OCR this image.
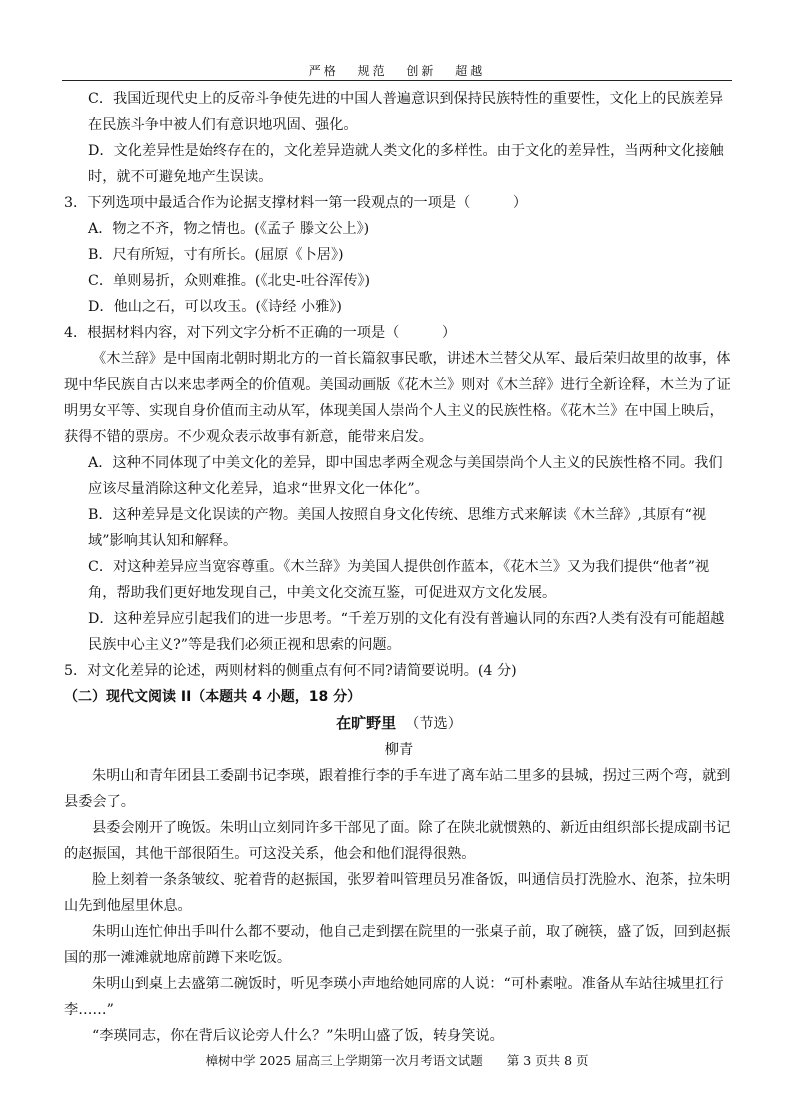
严格 规范 创新 超越

C．我国近现代史上的反帝斗争使先进的中国人普遍意识到保持民族特性的重要性，文化上的民族差异在民族斗争中被人们有意识地巩固、强化。

D．文化差异性是始终存在的，文化差异造就人类文化的多样性。由于文化的差异性，当两种文化接触时，就不可避免地产生误读。

3．下列选项中最适合作为论据支撑材料一第一段观点的一项是（　　　）

A．物之不齐，物之情也。(《孟子 滕文公上》)

B．尺有所短，寸有所长。(屈原《卜居》)

C．单则易折，众则难推。(《北史-吐谷浑传》)

D．他山之石，可以攻玉。(《诗经 小雅》)

4．根据材料内容，对下列文字分析不正确的一项是（　　　）

《木兰辞》是中国南北朝时期北方的一首长篇叙事民歌，讲述木兰替父从军、最后荣归故里的故事，体现中华民族自古以来忠孝两全的价值观。美国动画版《花木兰》则对《木兰辞》进行全新诠释，木兰为了证明男女平等、实现自身价值而主动从军，体现美国人崇尚个人主义的民族性格。《花木兰》在中国上映后，获得不错的票房。不少观众表示故事有新意，能带来启发。

A．这种不同体现了中美文化的差异，即中国忠孝两全观念与美国崇尚个人主义的民族性格不同。我们应该尽量消除这种文化差异，追求“世界文化一体化”。

B．这种差异是文化误读的产物。美国人按照自身文化传统、思维方式来解读《木兰辞》,其原有“视域”影响其认知和解释。

C．对这种差异应当宽容尊重。《木兰辞》为美国人提供创作蓝本，《花木兰》又为我们提供“他者”视角，帮助我们更好地发现自己，中美文化交流互鉴，可促进双方文化发展。

D．这种差异应引起我们的进一步思考。“千差万别的文化有没有普遍认同的东西?人类有没有可能超越民族中心主义?”等是我们必须正视和思索的问题。

5．对文化差异的论述，两则材料的侧重点有何不同?请简要说明。(4 分)

（二）现代文阅读 II（本题共 4 小题，18 分）

在旷野里 （节选）

柳青

朱明山和青年团县工委副书记李瑛，跟着推行李的手车进了离车站二里多的县城，拐过三两个弯，就到县委会了。

县委会刚开了晚饭。朱明山立刻同许多干部见了面。除了在陕北就惯熟的、新近由组织部长提成副书记的赵振国，其他干部很陌生。可这没关系，他会和他们混得很熟。

脸上刻着一条条皱纹、驼着背的赵振国，张罗着叫管理员另准备饭，叫通信员打洗脸水、泡茶，拉朱明山先到他屋里休息。

朱明山连忙伸出手叫什么都不要动，他自己走到摆在院里的一张桌子前，取了碗筷，盛了饭，回到赵振国的那一滩滩就地席前蹲下来吃饭。

朱明山到桌上去盛第二碗饭时，听见李瑛小声地给她同席的人说：“可朴素啦。准备从车站往城里扛行李……”

“李瑛同志，你在背后议论旁人什么？”朱明山盛了饭，转身笑说。

樟树中学 2025 届高三上学期第一次月考语文试题 第 3 页共 8 页
